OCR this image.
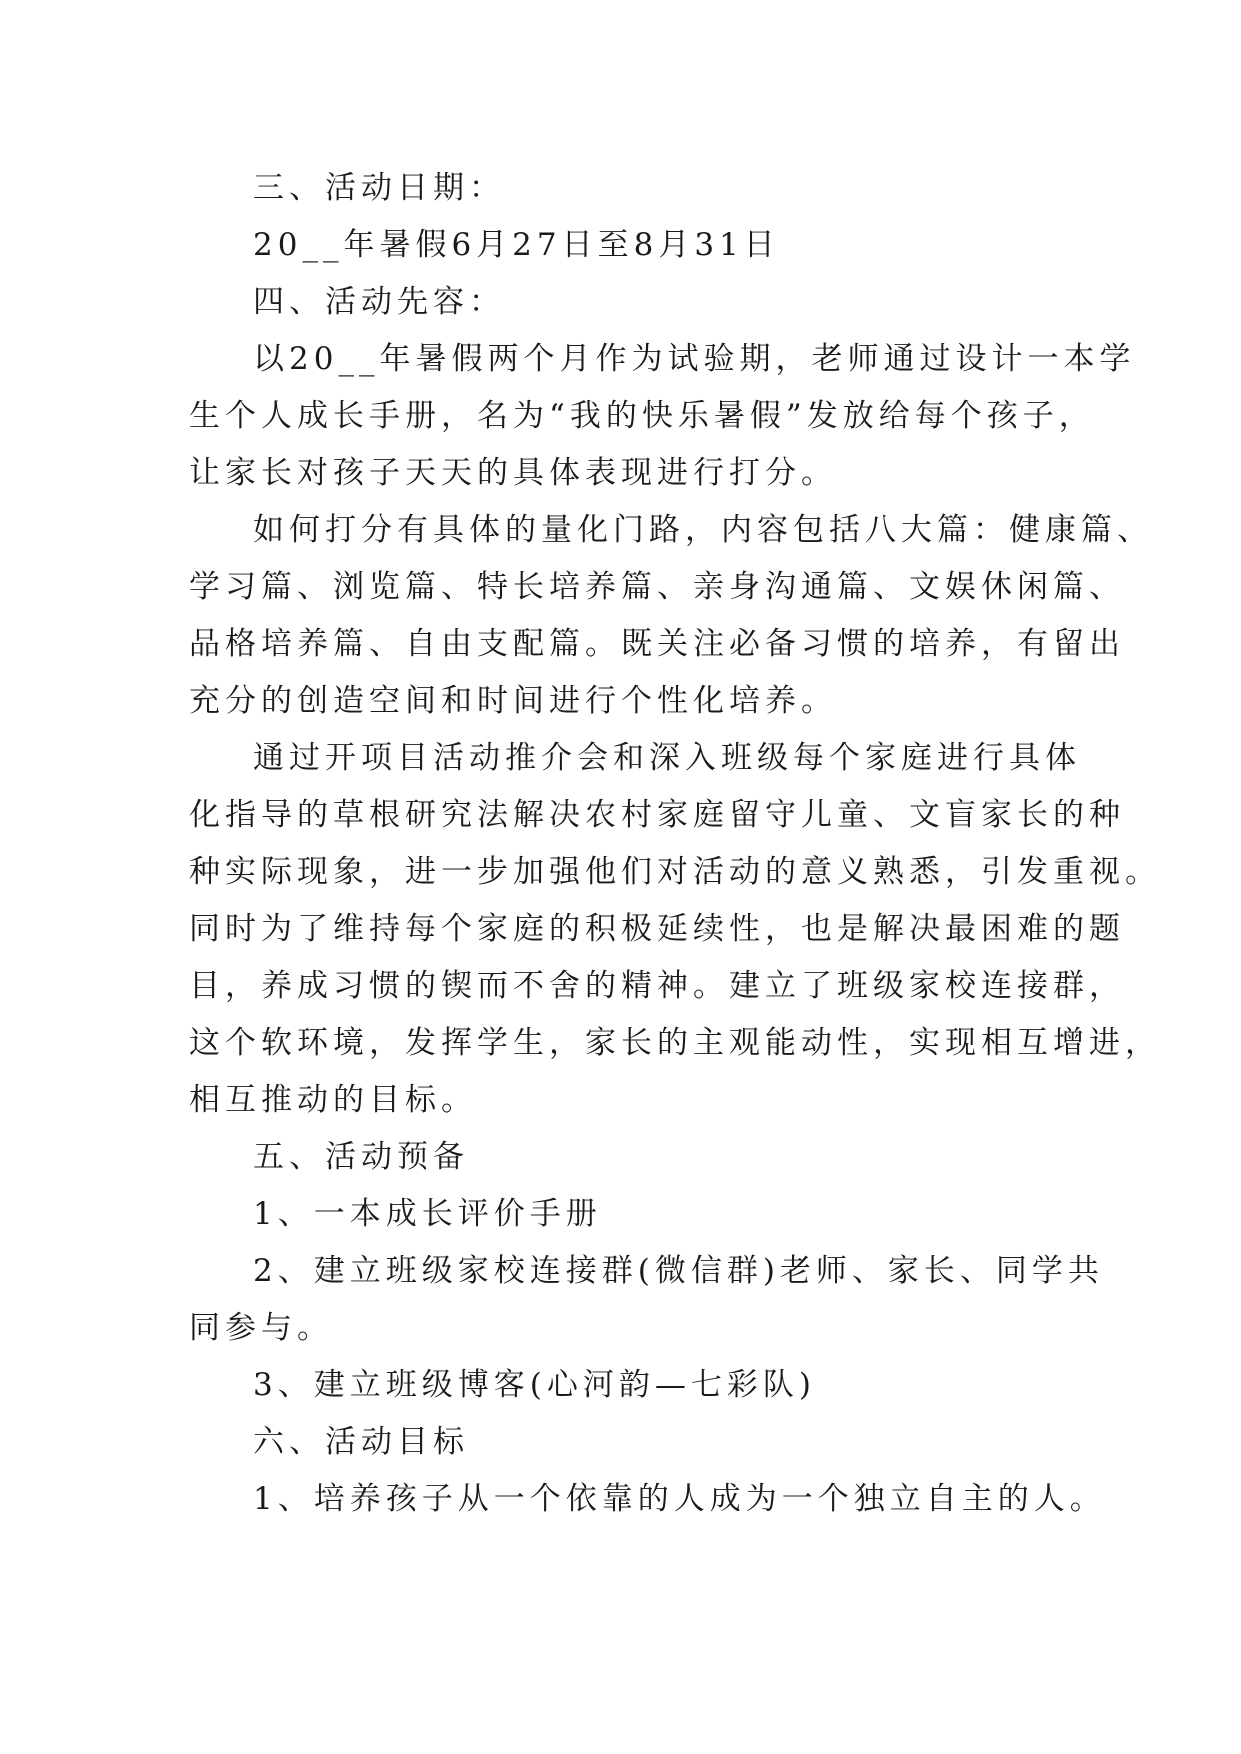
三、活动日期：
20__年暑假6月27日至8月31日
四、活动先容：
以20__年暑假两个月作为试验期，老师通过设计一本学
生个人成长手册，名为“我的快乐暑假”发放给每个孩子，
让家长对孩子天天的具体表现进行打分。
如何打分有具体的量化门路，内容包括八大篇：健康篇、
学习篇、浏览篇、特长培养篇、亲身沟通篇、文娱休闲篇、
品格培养篇、自由支配篇。既关注必备习惯的培养，有留出
充分的创造空间和时间进行个性化培养。
通过开项目活动推介会和深入班级每个家庭进行具体
化指导的草根研究法解决农村家庭留守儿童、文盲家长的种
种实际现象，进一步加强他们对活动的意义熟悉，引发重视。
同时为了维持每个家庭的积极延续性，也是解决最困难的题
目，养成习惯的锲而不舍的精神。建立了班级家校连接群，
这个软环境，发挥学生，家长的主观能动性，实现相互增进，
相互推动的目标。
五、活动预备
1、一本成长评价手册
2、建立班级家校连接群(微信群)老师、家长、同学共
同参与。
3、建立班级博客(心河韵—七彩队)
六、活动目标
1、培养孩子从一个依靠的人成为一个独立自主的人。
